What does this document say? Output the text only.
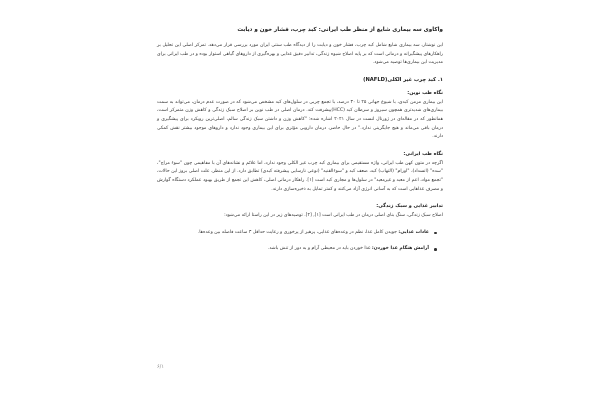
واکاوی سه بیماری شایع از منظر طب ایرانی: کبد چرب، فشار خون و دیابت
این نوشتار، سه بیماری شایع شامل کبد چرب، فشار خون و دیابت را از دیدگاه طب سنتی ایران مورد بررسی قرار می‌دهد. تمرکز اصلی این تحلیل بر راهکارهای پیشگیرانه و درمانی است که بر پایه اصلاح شیوه زندگی، تدابیر دقیق غذایی و بهره‌گیری از داروهای گیاهی استوار بوده و در طب ایرانی برای مدیریت این بیماری‌ها توصیه می‌شود.
۱. کبد چرب غیر الکلی(NAFLD)
نگاه طب نوین:
این بیماری مزمن کبدی، با شیوع جهانی ۲۵ تا ۳۰ درصد، با تجمع چربی در سلول‌های کبد مشخص می‌شود که در صورت عدم درمان، می‌تواند به سمت بیماری‌های شدیدتری همچون سیروز و سرطان کبد (HCC)پیشرفت کند. درمان اصلی در طب نوین بر اصلاح سبک زندگی و کاهش وزن متمرکز است، همانطور که در مقاله‌ای در ژورنال لنست در سال ۲۰۲۱ اشاره شده: "کاهش وزن و داشتن سبک زندگی سالم، اصلی‌ترین رویکرد برای پیشگیری و درمان باقی می‌ماند و هیچ جایگزینی ندارد." در حال حاضر، درمان دارویی مؤثری برای این بیماری وجود ندارد و داروهای موجود بیشتر نقش کمکی دارند.
نگاه طب ایرانی:
اگرچه در متون کهن طب ایرانی، واژه مستقیمی برای بیماری کبد چرب غیر الکلی وجود ندارد، اما علائم و نشانه‌های آن با مفاهیمی چون "سوء مزاج"، "سده" (انسداد)، "اورام" (التهاب) کبد، ضعف کبد و "سوءالقنیه" (نوعی نارسایی پیشرفته کبدی) تطابق دارد. از این منظر، علت اصلی بروز این حالات، "تجمع مواد، اعم از معبد و غیرمعید" در سلول‌ها و مجاری کبد است [۱]. راهکار درمانی اصلی، کاهش این تجمع از طریق بهبود عملکرد دستگاه گوارش و مصرف غذاهایی است که به آسانی انرژی آزاد می‌کنند و کمتر تمایل به ذخیره‌سازی دارند.
تدابیر غذایی و سبک زندگی:
اصلاح سبک زندگی، سنگ بنای اصلی درمان در طب ایرانی است [۱], [۲]. توصیه‌های زیر در این راستا ارائه می‌شود:
عادات غذایی: جویدن کامل غذا، نظم در وعده‌های غذایی، پرهیز از پرخوری و رعایت حداقل ۳ ساعت فاصله بین وعده‌ها.
آرامش هنگام غذا خوردن: غذا خوردن باید در محیطی آرام و به دور از تنش باشد.
۶/۱
